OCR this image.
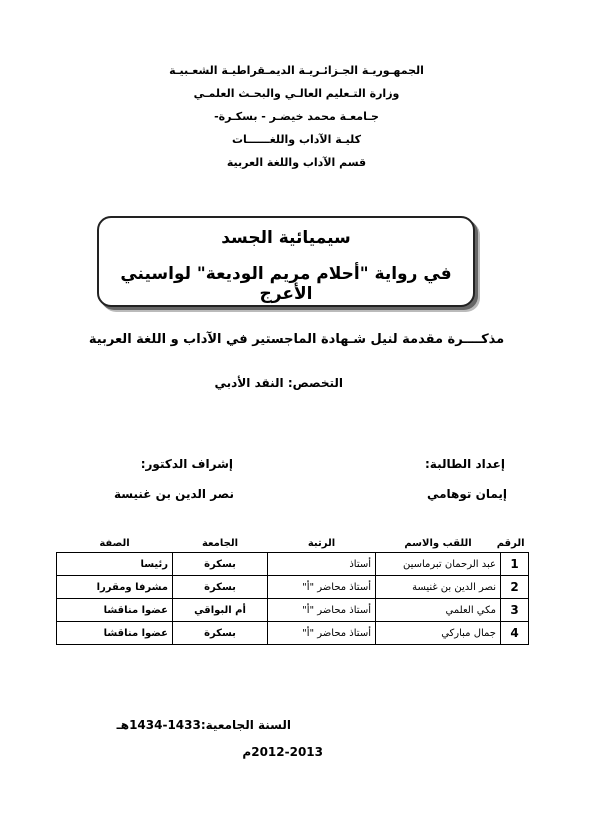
الجمهـوريـة الجـزائـريـة الديمـقراطيـة الشعـبيـة
وزارة التـعليم العالـي والبحـث العلمـي
جـامعـة محمد خيضـر - بسكـرة-
كليـة الآداب واللغــــــات
قسم الآداب واللغة العربية
سيميائية الجسد
في رواية "أحلام مريم الوديعة" لواسيني الأعرج
مذكــــرة مقدمة لنيل شـهادة الماجستير في الآداب و اللغة العربية
التخصص: النقد الأدبي
إعداد الطالبة:
إشراف الدكتور:
إيمان توهامي
نصر الدين بن غنيسة
الرقم	اللقب والاسم	الرتبة	الجامعة	الصفة
1	عبد الرحمان تبرماسين	أستاذ	بسكرة	رئيسا
2	نصر الدين بن غنيسة	أستاذ محاضر "أ"	بسكرة	مشرفا ومقررا
3	مكي العلمي	أستاذ محاضر "أ"	أم البواقي	عضوا مناقشا
4	جمال مباركي	أستاذ محاضر "أ"	بسكرة	عضوا مناقشا
السنة الجامعية:1433-1434هـ
2012-2013م
